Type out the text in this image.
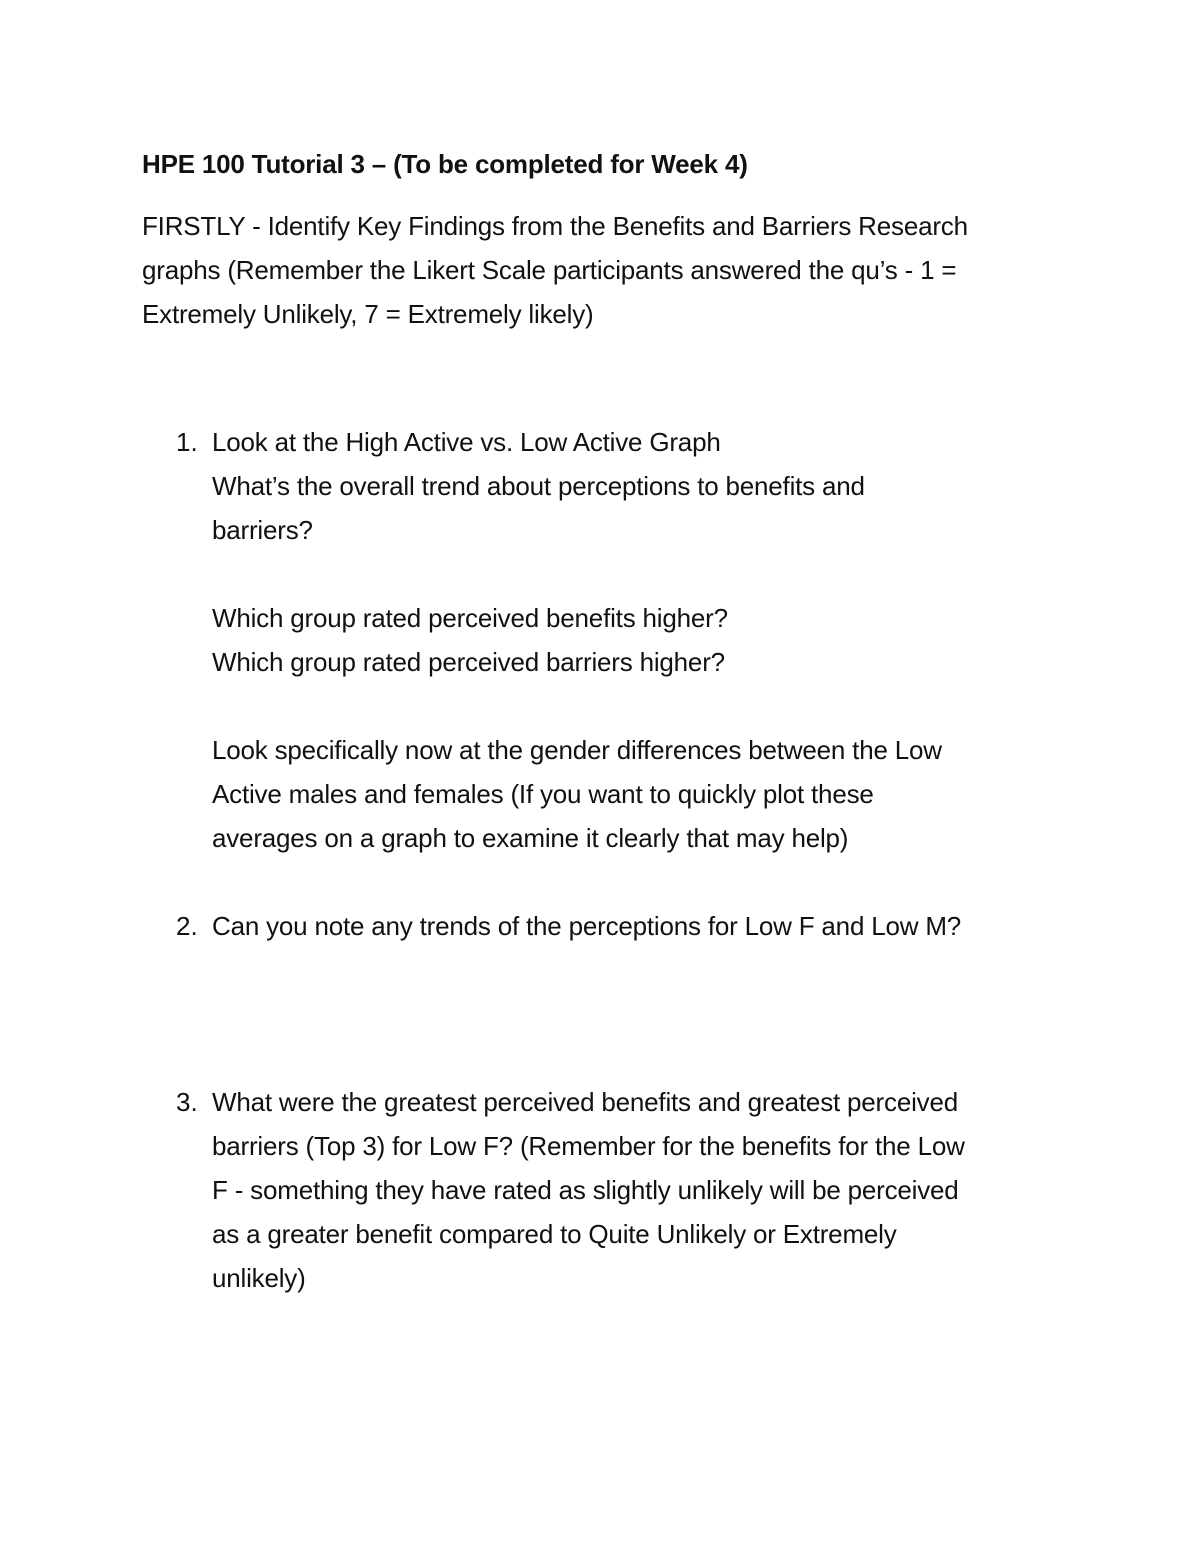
HPE 100 Tutorial 3 – (To be completed for Week 4)
FIRSTLY - Identify Key Findings from the Benefits and Barriers Research
graphs (Remember the Likert Scale participants answered the qu’s - 1 =
Extremely Unlikely, 7 = Extremely likely)
1. Look at the High Active vs. Low Active Graph
What’s the overall trend about perceptions to benefits and
barriers?
Which group rated perceived benefits higher?
Which group rated perceived barriers higher?
Look specifically now at the gender differences between the Low
Active males and females (If you want to quickly plot these
averages on a graph to examine it clearly that may help)
2. Can you note any trends of the perceptions for Low F and Low M?
3. What were the greatest perceived benefits and greatest perceived
barriers (Top 3) for Low F? (Remember for the benefits for the Low
F - something they have rated as slightly unlikely will be perceived
as a greater benefit compared to Quite Unlikely or Extremely
unlikely)
